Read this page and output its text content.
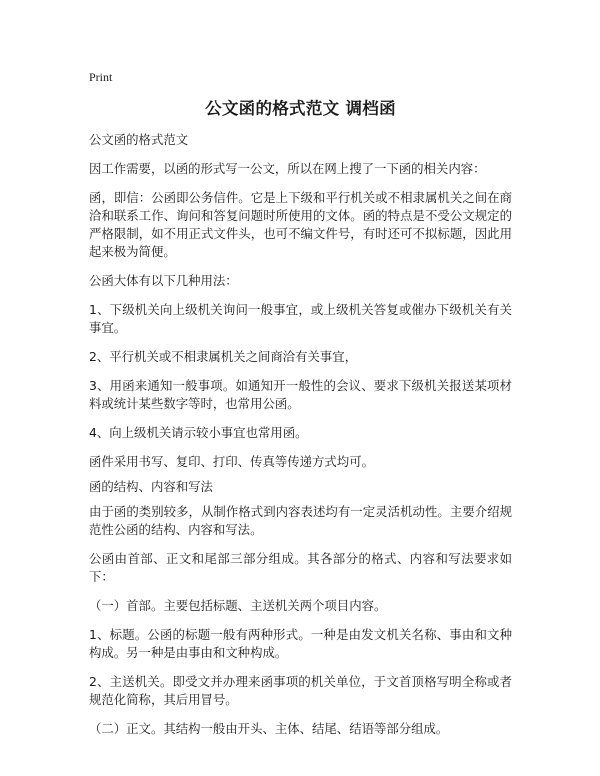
Print
公文函的格式范文 调档函
公文函的格式范文
因工作需要，以函的形式写一公文，所以在网上搜了一下函的相关内容：
函，即信：公函即公务信件。它是上下级和平行机关或不相隶属机关之间在商洽和联系工作、询问和答复问题时所使用的文体。函的特点是不受公文规定的严格限制，如不用正式文件头，也可不编文件号，有时还可不拟标题，因此用起来极为简便。
公函大体有以下几种用法：
1、下级机关向上级机关询问一般事宜，或上级机关答复或催办下级机关有关事宜。
2、平行机关或不相隶属机关之间商洽有关事宜，
3、用函来通知一般事项。如通知开一般性的会议、要求下级机关报送某项材料或统计某些数字等时，也常用公函。
4、向上级机关请示较小事宜也常用函。
函件采用书写、复印、打印、传真等传递方式均可。
函的结构、内容和写法
由于函的类别较多，从制作格式到内容表述均有一定灵活机动性。主要介绍规范性公函的结构、内容和写法。
公函由首部、正文和尾部三部分组成。其各部分的格式、内容和写法要求如下：
（一）首部。主要包括标题、主送机关两个项目内容。
1、标题。公函的标题一般有两种形式。一种是由发文机关名称、事由和文种构成。另一种是由事由和文种构成。
2、主送机关。即受文并办理来函事项的机关单位，于文首顶格写明全称或者规范化简称，其后用冒号。
（二）正文。其结构一般由开头、主体、结尾、结语等部分组成。
